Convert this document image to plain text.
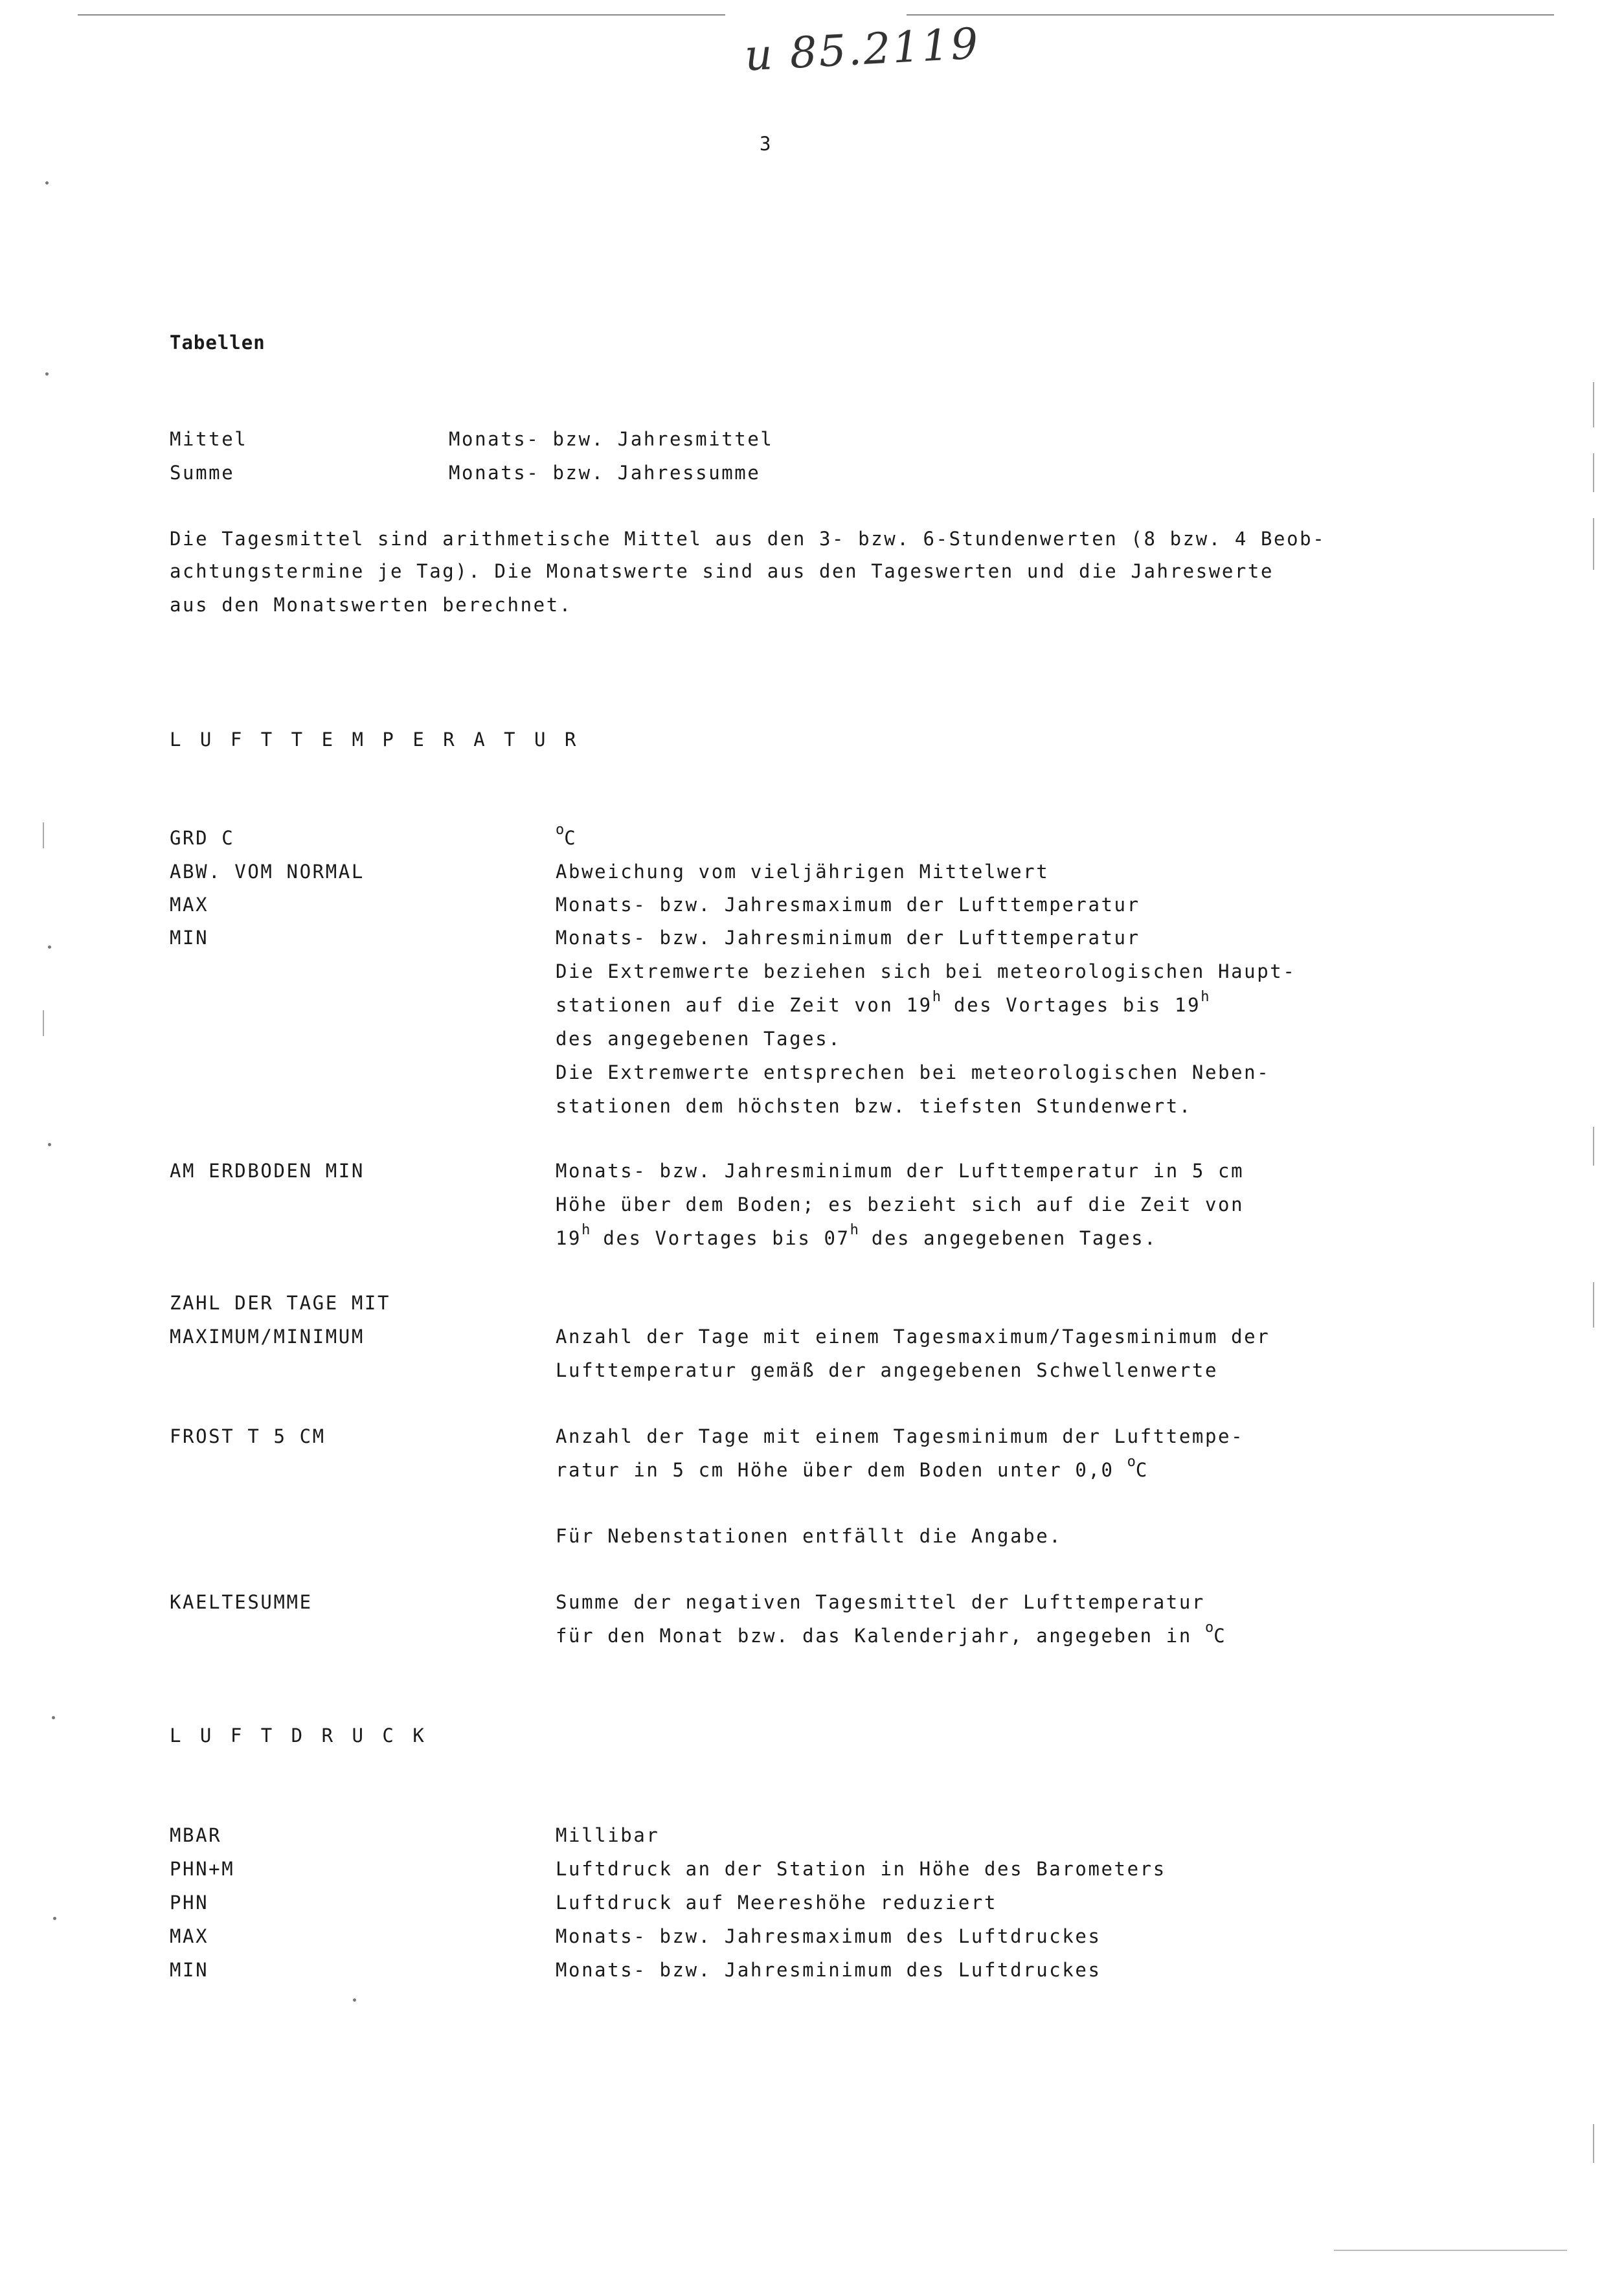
u 85.2119
3
Tabellen
Mittel	Monats- bzw. Jahresmittel
Summe	Monats- bzw. Jahressumme
Die Tagesmittel sind arithmetische Mittel aus den 3- bzw. 6-Stundenwerten (8 bzw. 4 Beob-
achtungstermine je Tag). Die Monatswerte sind aus den Tageswerten und die Jahreswerte
aus den Monatswerten berechnet.
L U F T T E M P E R A T U R
GRD C	$^o$C
ABW. VOM NORMAL	Abweichung vom vieljährigen Mittelwert
MAX	Monats- bzw. Jahresmaximum der Lufttemperatur
MIN	Monats- bzw. Jahresminimum der Lufttemperatur
Die Extremwerte beziehen sich bei meteorologischen Haupt-
stationen auf die Zeit von 19$^h$ des Vortages bis 19$^h$
des angegebenen Tages.
Die Extremwerte entsprechen bei meteorologischen Neben-
stationen dem höchsten bzw. tiefsten Stundenwert.
AM ERDBODEN MIN	Monats- bzw. Jahresminimum der Lufttemperatur in 5 cm
Höhe über dem Boden; es bezieht sich auf die Zeit von
19$^h$ des Vortages bis 07$^h$ des angegebenen Tages.
ZAHL DER TAGE MIT
MAXIMUM/MINIMUM	Anzahl der Tage mit einem Tagesmaximum/Tagesminimum der
Lufttemperatur gemäß der angegebenen Schwellenwerte
FROST T 5 CM	Anzahl der Tage mit einem Tagesminimum der Lufttempe-
ratur in 5 cm Höhe über dem Boden unter 0,0 $^o$C
Für Nebenstationen entfällt die Angabe.
KAELTESUMME	Summe der negativen Tagesmittel der Lufttemperatur
für den Monat bzw. das Kalenderjahr, angegeben in $^o$C
L U F T D R U C K
MBAR	Millibar
PHN+M	Luftdruck an der Station in Höhe des Barometers
PHN	Luftdruck auf Meereshöhe reduziert
MAX	Monats- bzw. Jahresmaximum des Luftdruckes
MIN	Monats- bzw. Jahresminimum des Luftdruckes
